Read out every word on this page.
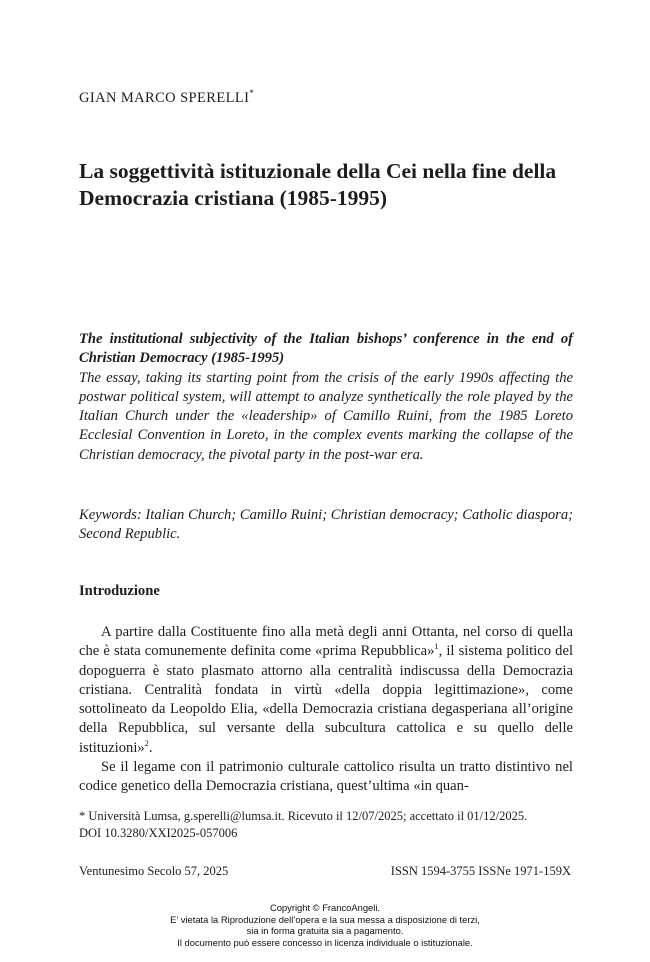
GIAN MARCO SPERELLI*
La soggettività istituzionale della Cei nella fine della Democrazia cristiana (1985-1995)

The institutional subjectivity of the Italian bishops’ conference in the end of Christian Democracy (1985-1995)
The essay, taking its starting point from the crisis of the early 1990s affecting the postwar political system, will attempt to analyze synthetically the role played by the Italian Church under the «leadership» of Camillo Ruini, from the 1985 Loreto Ecclesial Convention in Loreto, in the complex events marking the collapse of the Christian democracy, the pivotal party in the post-war era.

Keywords: Italian Church; Camillo Ruini; Christian democracy; Catholic diaspora; Second Republic.

Introduzione

A partire dalla Costituente fino alla metà degli anni Ottanta, nel corso di quella che è stata comunemente definita come «prima Repubblica»$^1$, il sistema politico del dopoguerra è stato plasmato attorno alla centralità indiscussa della Democrazia cristiana. Centralità fondata in virtù «della doppia legittimazione», come sottolineato da Leopoldo Elia, «della Democrazia cristiana degasperiana all’origine della Repubblica, sul versante della subcultura cattolica e su quello delle istituzioni»$^2$.

Se il legame con il patrimonio culturale cattolico risulta un tratto distintivo nel codice genetico della Democrazia cristiana, quest’ultima «in quan-

* Università Lumsa, g.sperelli@lumsa.it. Ricevuto il 12/07/2025; accettato il 01/12/2025.

DOI 10.3280/XXI2025-057006

Ventunesimo Secolo 57, 2025	ISSN 1594-3755 ISSNe 1971-159X
Copyright © FrancoAngeli.
E’ vietata la Riproduzione dell’opera e la sua messa a disposizione di terzi,
sia in forma gratuita sia a pagamento.
Il documento può essere concesso in licenza individuale o istituzionale.
